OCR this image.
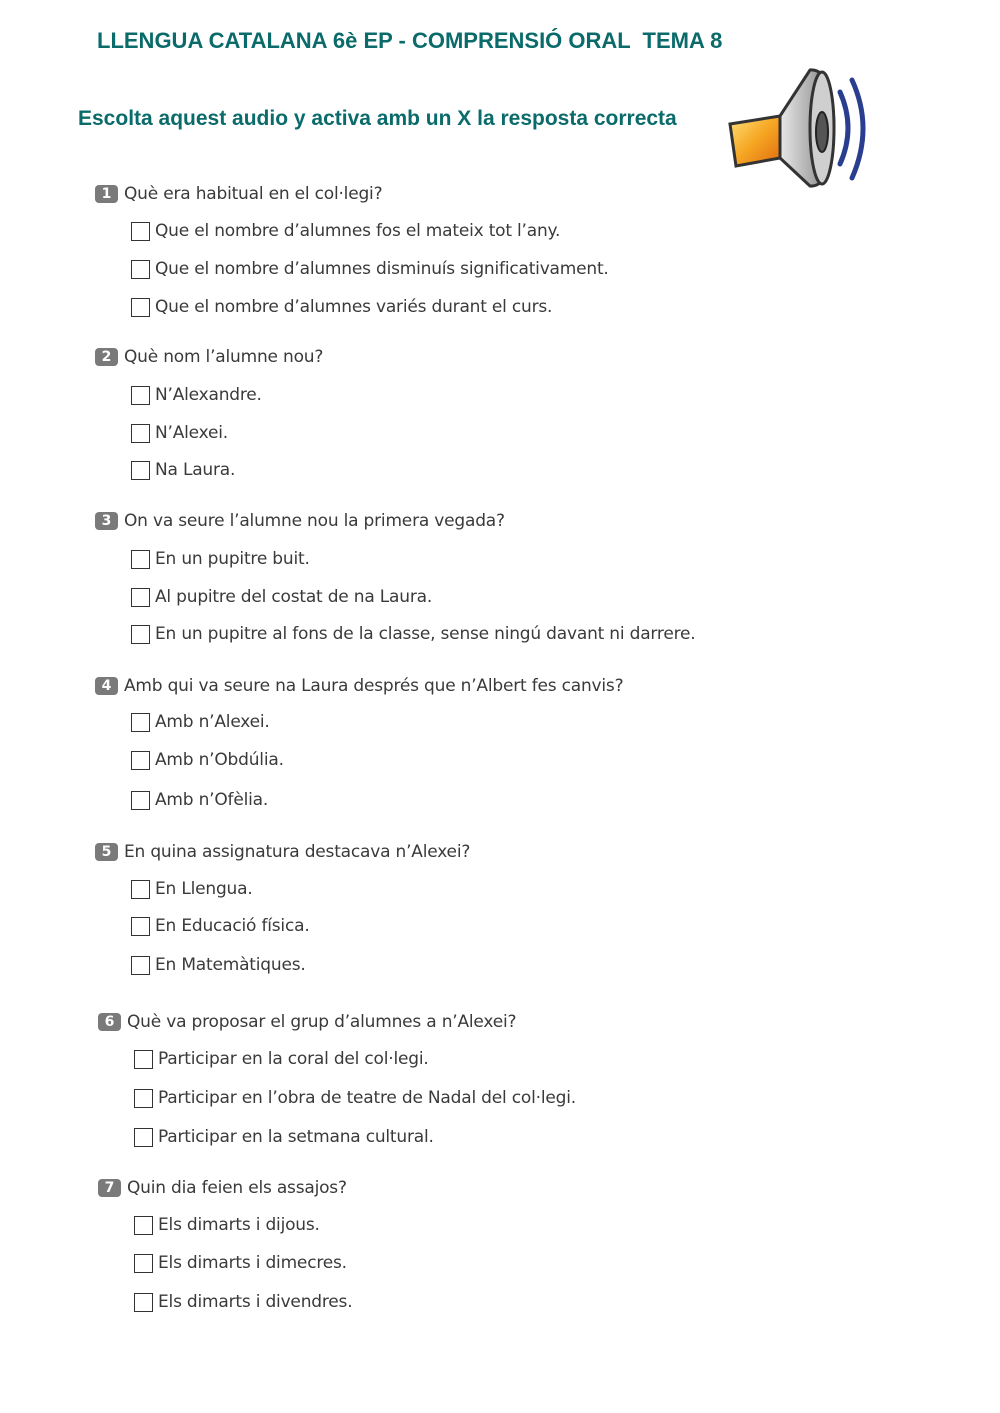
LLENGUA CATALANA 6è EP - COMPRENSIÓ ORAL  TEMA 8
Escolta aquest audio y activa amb un X la resposta correcta
1 Què era habitual en el col·legi?
Que el nombre d’alumnes fos el mateix tot l’any.
Que el nombre d’alumnes disminuís significativament.
Que el nombre d’alumnes variés durant el curs.
2 Què nom l’alumne nou?
N’Alexandre.
N’Alexei.
Na Laura.
3 On va seure l’alumne nou la primera vegada?
En un pupitre buit.
Al pupitre del costat de na Laura.
En un pupitre al fons de la classe, sense ningú davant ni darrere.
4 Amb qui va seure na Laura després que n’Albert fes canvis?
Amb n’Alexei.
Amb n’Obdúlia.
Amb n’Ofèlia.
5 En quina assignatura destacava n’Alexei?
En Llengua.
En Educació física.
En Matemàtiques.
6 Què va proposar el grup d’alumnes a n’Alexei?
Participar en la coral del col·legi.
Participar en l’obra de teatre de Nadal del col·legi.
Participar en la setmana cultural.
7 Quin dia feien els assajos?
Els dimarts i dijous.
Els dimarts i dimecres.
Els dimarts i divendres.
